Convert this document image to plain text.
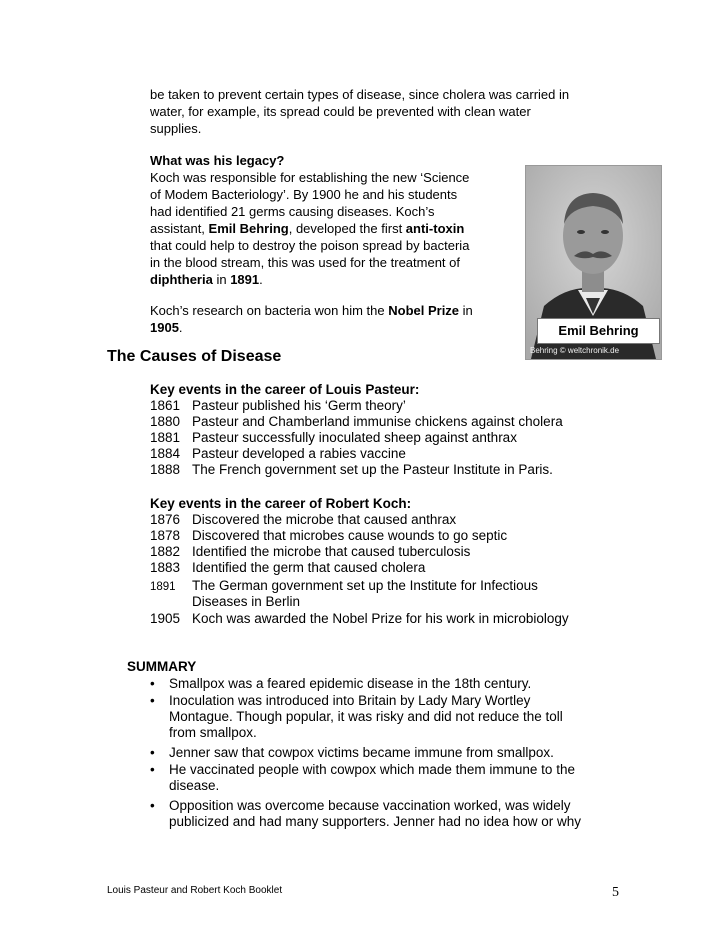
be taken to prevent certain types of disease, since cholera was carried in
water, for example, its spread could be prevented with clean water
supplies.
What was his legacy?
Koch was responsible for establishing the new ‘Science
of Modem Bacteriology’. By 1900 he and his students
had identified 21 germs causing diseases. Koch’s
assistant, Emil Behring, developed the first anti-toxin
that could help to destroy the poison spread by bacteria
in the blood stream, this was used for the treatment of
diphtheria in 1891.
Koch’s research on bacteria won him the Nobel Prize in
1905.	Emil Behring
Behring © weltchronik.de
The Causes of Disease
Key events in the career of Louis Pasteur:
1861 Pasteur published his ‘Germ theory’
1880 Pasteur and Chamberland immunise chickens against cholera
1881 Pasteur successfully inoculated sheep against anthrax
1884 Pasteur developed a rabies vaccine
1888 The French government set up the Pasteur Institute in Paris.
Key events in the career of Robert Koch:
1876 Discovered the microbe that caused anthrax
1878 Discovered that microbes cause wounds to go septic
1882 Identified the microbe that caused tuberculosis
1883 Identified the germ that caused cholera
1891 The German government set up the Institute for Infectious
Diseases in Berlin
1905 Koch was awarded the Nobel Prize for his work in microbiology
SUMMARY
• Smallpox was a feared epidemic disease in the 18th century.
• Inoculation was introduced into Britain by Lady Mary Wortley
Montague. Though popular, it was risky and did not reduce the toll
from smallpox.
• Jenner saw that cowpox victims became immune from smallpox.
• He vaccinated people with cowpox which made them immune to the
disease.
• Opposition was overcome because vaccination worked, was widely
publicized and had many supporters. Jenner had no idea how or why
Louis Pasteur and Robert Koch Booklet	5
